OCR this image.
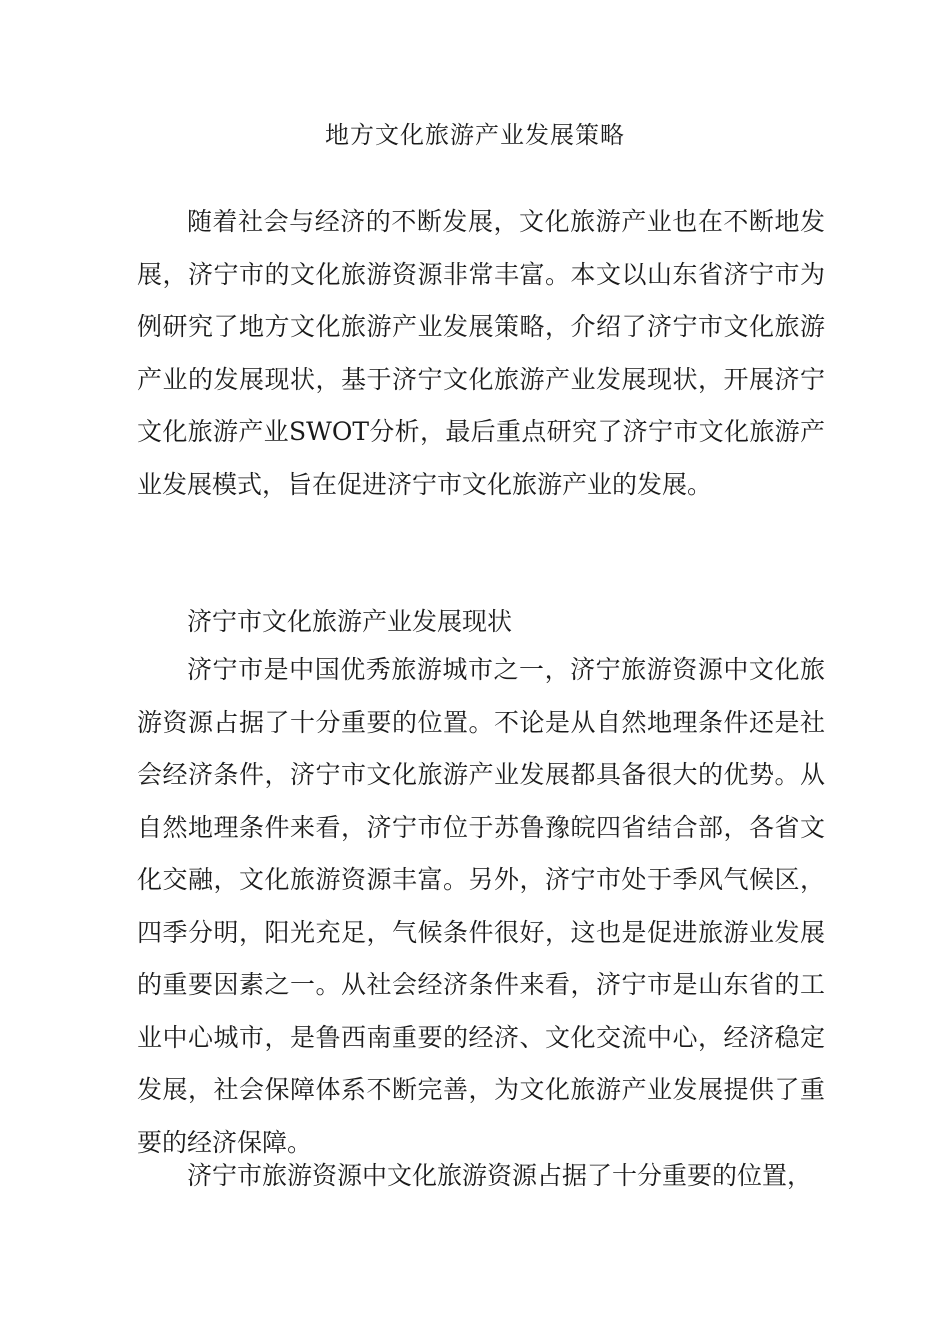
地方文化旅游产业发展策略

随着社会与经济的不断发展，文化旅游产业也在不断地发展，济宁市的文化旅游资源非常丰富。本文以山东省济宁市为例研究了地方文化旅游产业发展策略，介绍了济宁市文化旅游产业的发展现状，基于济宁文化旅游产业发展现状，开展济宁文化旅游产业SWOT分析，最后重点研究了济宁市文化旅游产业发展模式，旨在促进济宁市文化旅游产业的发展。

济宁市文化旅游产业发展现状

济宁市是中国优秀旅游城市之一，济宁旅游资源中文化旅游资源占据了十分重要的位置。不论是从自然地理条件还是社会经济条件，济宁市文化旅游产业发展都具备很大的优势。从自然地理条件来看，济宁市位于苏鲁豫皖四省结合部，各省文化交融，文化旅游资源丰富。另外，济宁市处于季风气候区，四季分明，阳光充足，气候条件很好，这也是促进旅游业发展的重要因素之一。从社会经济条件来看，济宁市是山东省的工业中心城市，是鲁西南重要的经济、文化交流中心，经济稳定发展，社会保障体系不断完善，为文化旅游产业发展提供了重要的经济保障。

济宁市旅游资源中文化旅游资源占据了十分重要的位置，
